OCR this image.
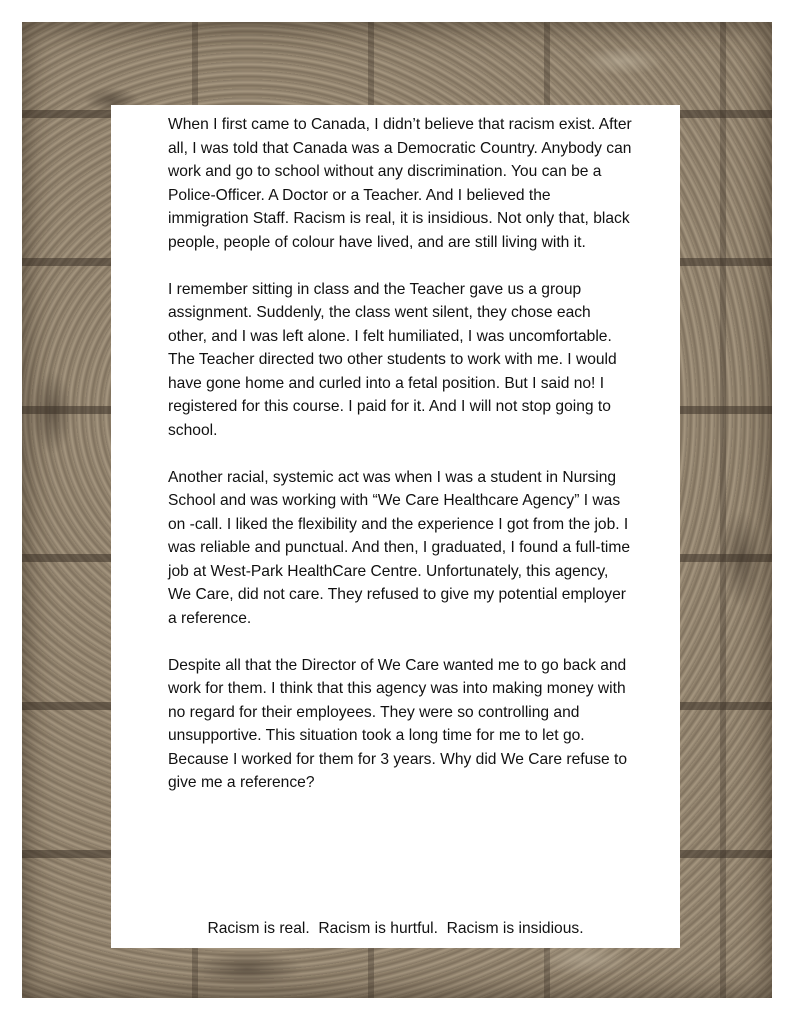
When I first came to Canada, I didn’t believe that racism exist. After all, I was told that Canada was a Democratic Country. Anybody can work and go to school without any discrimination. You can be a Police-Officer. A Doctor or a Teacher. And I believed the immigration Staff. Racism is real, it is insidious. Not only that, black people, people of colour have lived, and are still living with it.

I remember sitting in class and the Teacher gave us a group assignment. Suddenly, the class went silent, they chose each other, and I was left alone. I felt humiliated, I was uncomfortable. The Teacher directed two other students to work with me. I would have gone home and curled into a fetal position. But I said no! I registered for this course. I paid for it. And I will not stop going to school.

Another racial, systemic act was when I was a student in Nursing School and was working with “We Care Healthcare Agency” I was on -call. I liked the flexibility and the experience I got from the job. I was reliable and punctual. And then, I graduated, I found a full-time job at West-Park HealthCare Centre. Unfortunately, this agency, We Care, did not care. They refused to give my potential employer a reference.

Despite all that the Director of We Care wanted me to go back and work for them. I think that this agency was into making money with no regard for their employees. They were so controlling and unsupportive. This situation took a long time for me to let go. Because I worked for them for 3 years. Why did We Care refuse to give me a reference?

Racism is real.  Racism is hurtful.  Racism is insidious.
